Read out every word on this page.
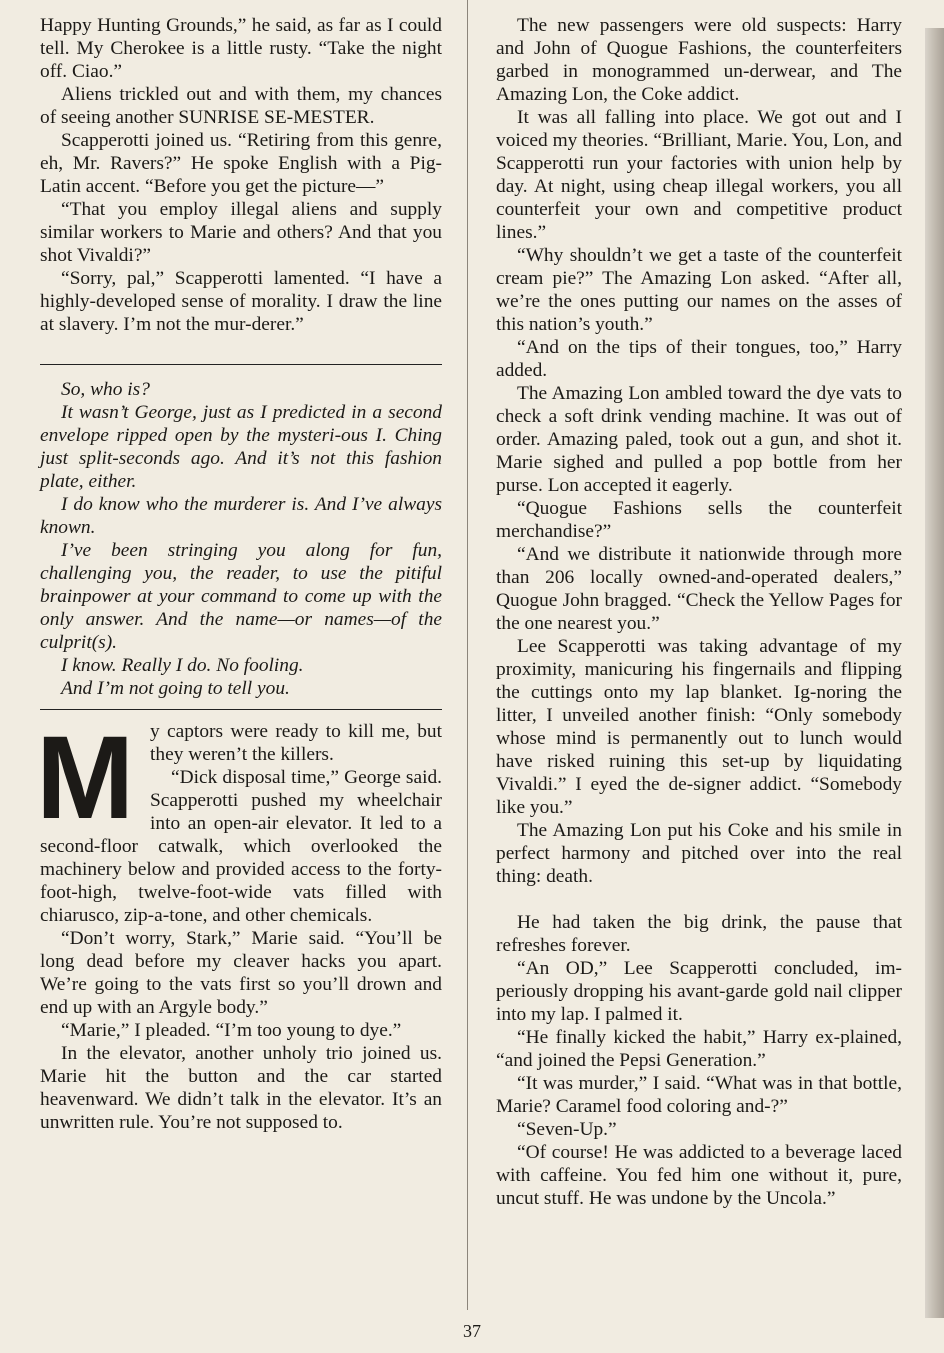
Happy Hunting Grounds,” he said, as far as I could tell. My Cherokee is a little rusty. “Take the night off. Ciao.”

Aliens trickled out and with them, my chances of seeing another SUNRISE SE-MESTER.

Scapperotti joined us. “Retiring from this genre, eh, Mr. Ravers?” He spoke English with a Pig-Latin accent. “Before you get the picture—”

“That you employ illegal aliens and supply similar workers to Marie and others? And that you shot Vivaldi?”

“Sorry, pal,” Scapperotti lamented. “I have a highly-developed sense of morality. I draw the line at slavery. I’m not the mur-derer.”

So, who is?

It wasn’t George, just as I predicted in a second envelope ripped open by the mysteri-ous I. Ching just split-seconds ago. And it’s not this fashion plate, either.

I do know who the murderer is. And I’ve always known.

I’ve been stringing you along for fun, challenging you, the reader, to use the pitiful brainpower at your command to come up with the only answer. And the name—or names—of the culprit(s).

I know. Really I do. No fooling.

And I’m not going to tell you.

M	y captors were ready to kill me, but they weren’t the killers.

“Dick disposal time,” George said. Scapperotti pushed my wheelchair into an open-air elevator. It led to a second-floor catwalk, which overlooked the machinery below and provided access to the forty-foot-high, twelve-foot-wide vats filled with chiarusco, zip-a-tone, and other chemicals.

“Don’t worry, Stark,” Marie said. “You’ll be long dead before my cleaver hacks you apart. We’re going to the vats first so you’ll drown and end up with an Argyle body.”

“Marie,” I pleaded. “I’m too young to dye.”

In the elevator, another unholy trio joined us. Marie hit the button and the car started heavenward. We didn’t talk in the elevator. It’s an unwritten rule. You’re not supposed to.

The new passengers were old suspects: Harry and John of Quogue Fashions, the counterfeiters garbed in monogrammed un-derwear, and The Amazing Lon, the Coke addict.

It was all falling into place. We got out and I voiced my theories. “Brilliant, Marie. You, Lon, and Scapperotti run your factories with union help by day. At night, using cheap illegal workers, you all counterfeit your own and competitive product lines.”

“Why shouldn’t we get a taste of the counterfeit cream pie?” The Amazing Lon asked. “After all, we’re the ones putting our names on the asses of this nation’s youth.”

“And on the tips of their tongues, too,” Harry added.

The Amazing Lon ambled toward the dye vats to check a soft drink vending machine. It was out of order. Amazing paled, took out a gun, and shot it. Marie sighed and pulled a pop bottle from her purse. Lon accepted it eagerly.

“Quogue Fashions sells the counterfeit merchandise?”

“And we distribute it nationwide through more than 206 locally owned-and-operated dealers,” Quogue John bragged. “Check the Yellow Pages for the one nearest you.”

Lee Scapperotti was taking advantage of my proximity, manicuring his fingernails and flipping the cuttings onto my lap blanket. Ig-noring the litter, I unveiled another finish: “Only somebody whose mind is permanently out to lunch would have risked ruining this set-up by liquidating Vivaldi.” I eyed the de-signer addict. “Somebody like you.”

The Amazing Lon put his Coke and his smile in perfect harmony and pitched over into the real thing: death.

He had taken the big drink, the pause that refreshes forever.

“An OD,” Lee Scapperotti concluded, im-periously dropping his avant-garde gold nail clipper into my lap. I palmed it.

“He finally kicked the habit,” Harry ex-plained, “and joined the Pepsi Generation.”

“It was murder,” I said. “What was in that bottle, Marie? Caramel food coloring and-?”

“Seven-Up.”

“Of course! He was addicted to a beverage laced with caffeine. You fed him one without it, pure, uncut stuff. He was undone by the Uncola.”

37
